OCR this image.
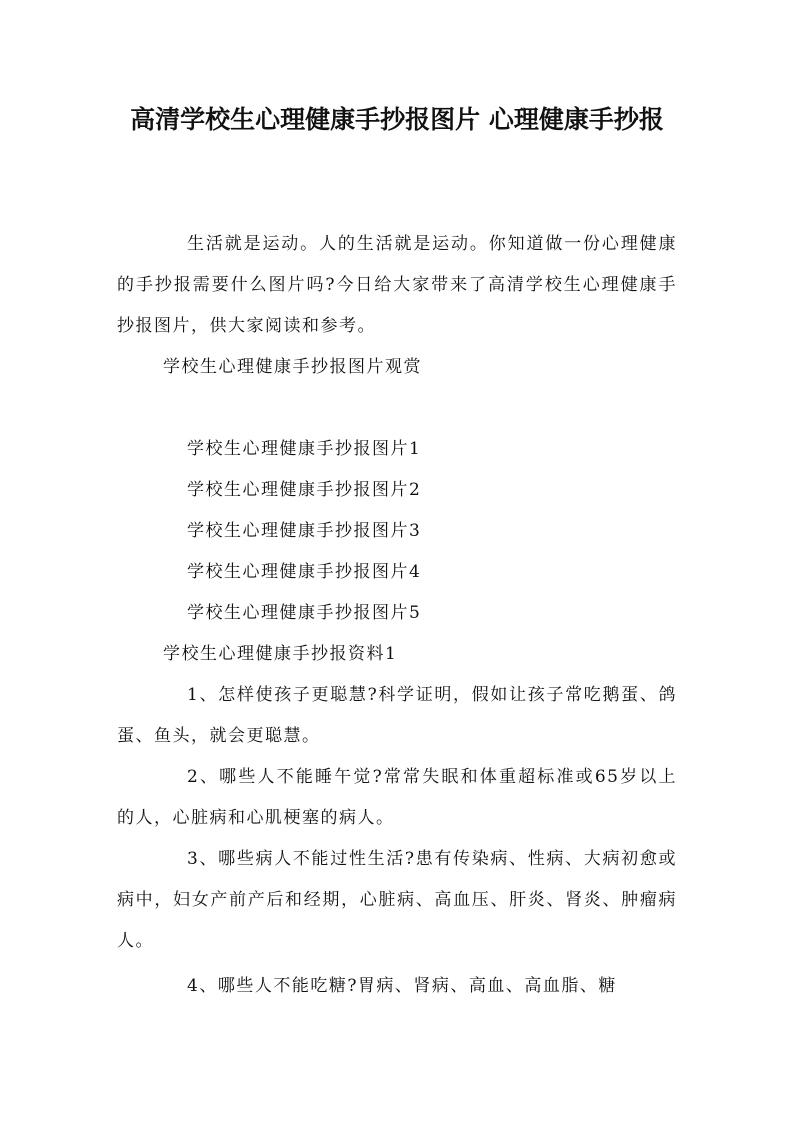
高清学校生心理健康手抄报图片 心理健康手抄报

生活就是运动。人的生活就是运动。你知道做一份心理健康的手抄报需要什么图片吗?今日给大家带来了高清学校生心理健康手抄报图片，供大家阅读和参考。

学校生心理健康手抄报图片观赏

学校生心理健康手抄报图片1

学校生心理健康手抄报图片2

学校生心理健康手抄报图片3

学校生心理健康手抄报图片4

学校生心理健康手抄报图片5

学校生心理健康手抄报资料1

1、怎样使孩子更聪慧?科学证明，假如让孩子常吃鹅蛋、鸽蛋、鱼头，就会更聪慧。

2、哪些人不能睡午觉?常常失眠和体重超标准或65岁以上的人，心脏病和心肌梗塞的病人。

3、哪些病人不能过性生活?患有传染病、性病、大病初愈或病中，妇女产前产后和经期，心脏病、高血压、肝炎、肾炎、肿瘤病人。

4、哪些人不能吃糖?胃病、肾病、高血、高血脂、糖
